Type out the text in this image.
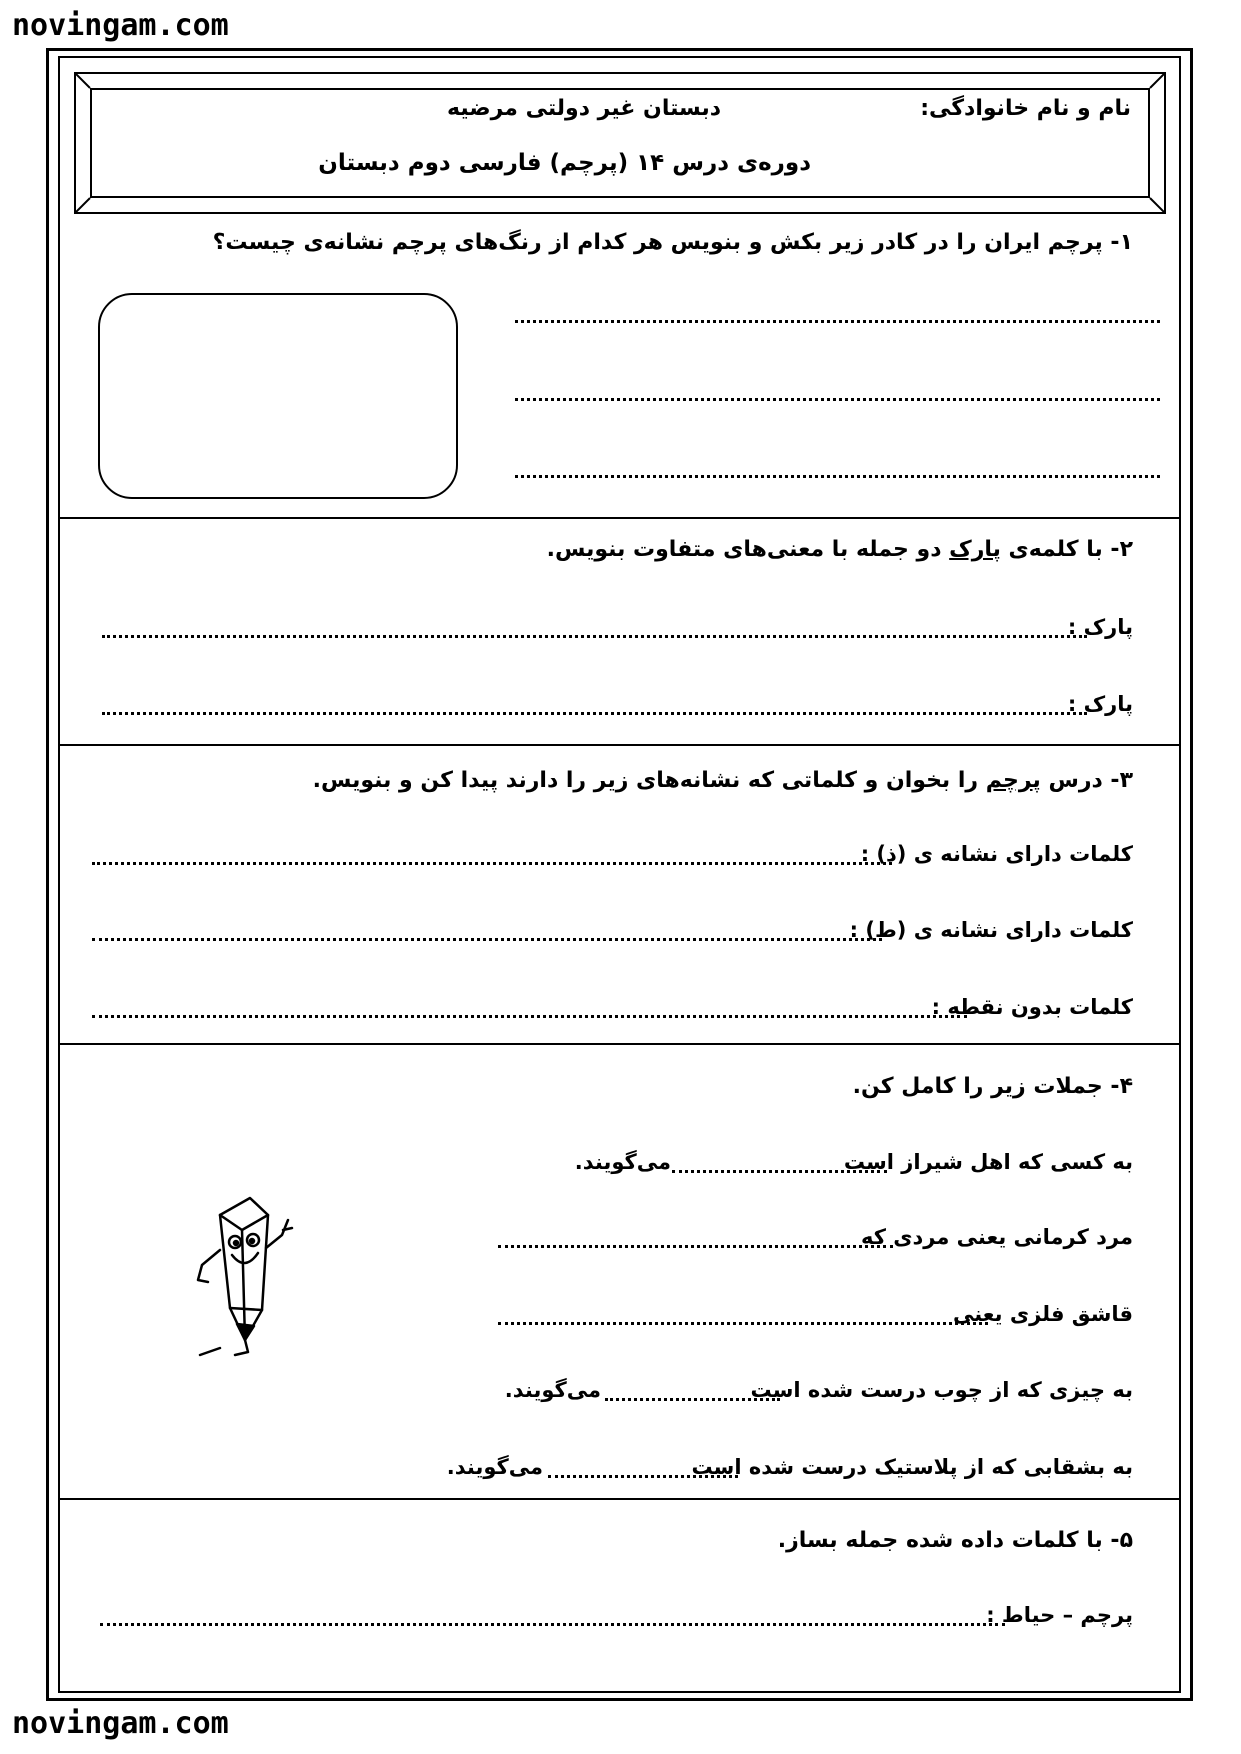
novingam.com
novingam.com
نام و نام خانوادگی:
دبستان غیر دولتی مرضیه
دوره‌ی درس ۱۴ (پرچم) فارسی دوم دبستان
۱- پرچم ایران را در کادر زیر بکش و بنویس هر کدام از رنگ‌های پرچم نشانه‌ی چیست؟
۲- با کلمه‌ی پارک دو جمله با معنی‌های متفاوت بنویس.
پارک :
پارک :
۳- درس پرچم را بخوان و کلماتی که نشانه‌های زیر را دارند پیدا کن و بنویس.
کلمات دارای نشانه ی (ذ) :
کلمات دارای نشانه ی (ط) :
کلمات بدون نقطه :
۴- جملات زیر را کامل کن.
به کسی که اهل شیراز است
می‌گویند.
مرد کرمانی یعنی مردی که
قاشق فلزی یعنی
به چیزی که از چوب درست شده است
می‌گویند.
به بشقابی که از پلاستیک درست شده است
می‌گویند.
۵- با کلمات داده شده جمله بساز.
پرچم – حیاط :
